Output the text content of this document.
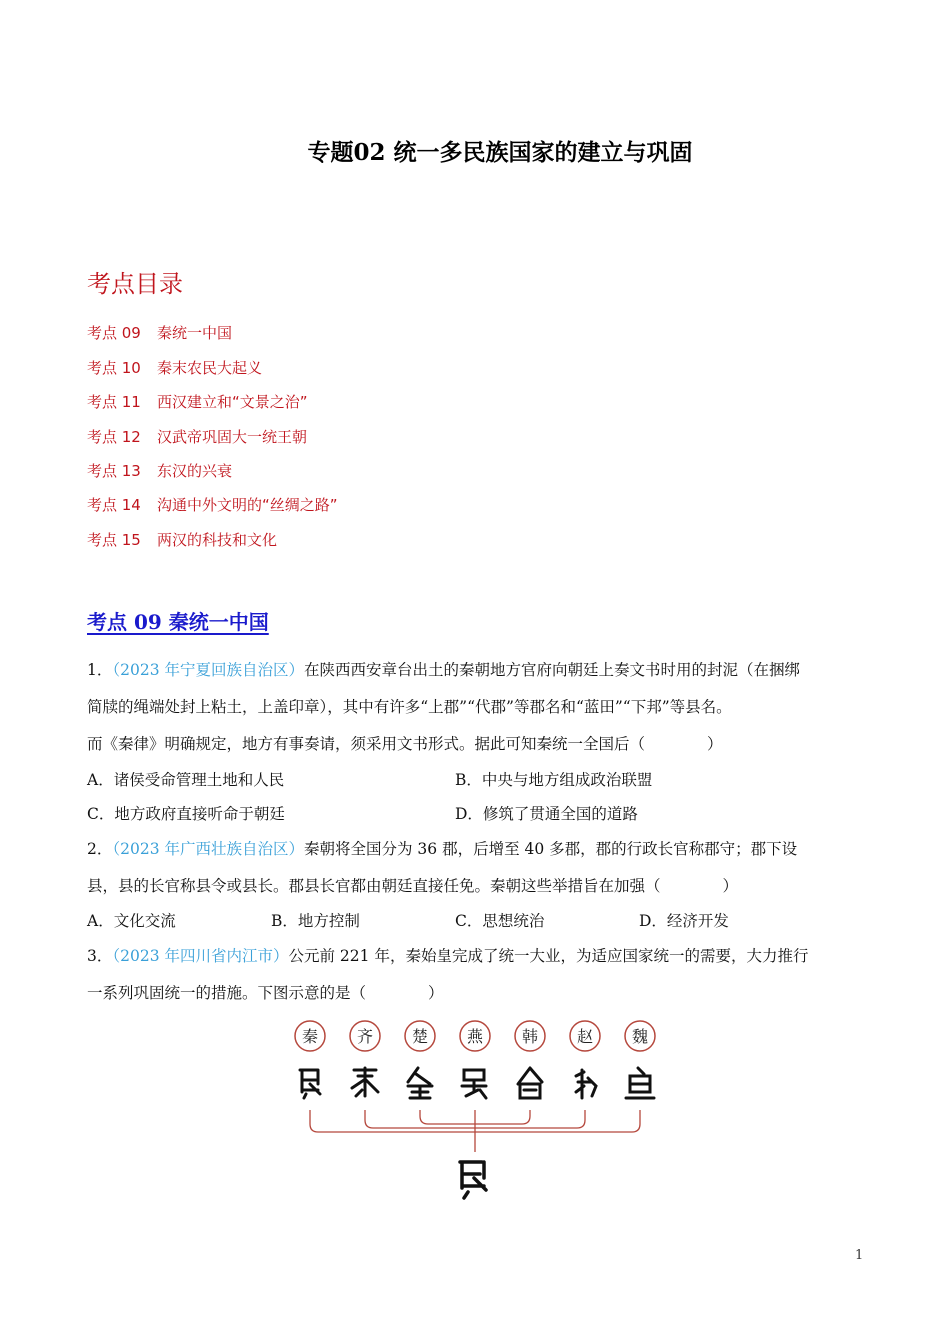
专题02 统一多民族国家的建立与巩固
考点目录
考点 09 秦统一中国
考点 10 秦末农民大起义
考点 11 西汉建立和“文景之治”
考点 12 汉武帝巩固大一统王朝
考点 13 东汉的兴衰
考点 14 沟通中外文明的“丝绸之路”
考点 15 两汉的科技和文化
考点 09 秦统一中国
1．（2023 年宁夏回族自治区）在陕西西安章台出土的秦朝地方官府向朝廷上奏文书时用的封泥（在捆绑
简牍的绳端处封上粘土，上盖印章），其中有许多“上郡”“代郡”等郡名和“蓝田”“下邦”等县名。
而《秦律》明确规定，地方有事奏请，须采用文书形式。据此可知秦统一全国后（　　　　）
A．诸侯受命管理土地和人民	B．中央与地方组成政治联盟
C．地方政府直接听命于朝廷	D．修筑了贯通全国的道路
2．（2023 年广西壮族自治区）秦朝将全国分为 36 郡，后增至 40 多郡，郡的行政长官称郡守；郡下设
县，县的长官称县令或县长。郡县长官都由朝廷直接任免。秦朝这些举措旨在加强（　　　　）
A．文化交流	B．地方控制	C．思想统治	D．经济开发
3．（2023 年四川省内江市）公元前 221 年，秦始皇完成了统一大业，为适应国家统一的需要，大力推行
一系列巩固统一的措施。下图示意的是（　　　　）
秦 齐 楚 燕 韩 赵 魏
1
